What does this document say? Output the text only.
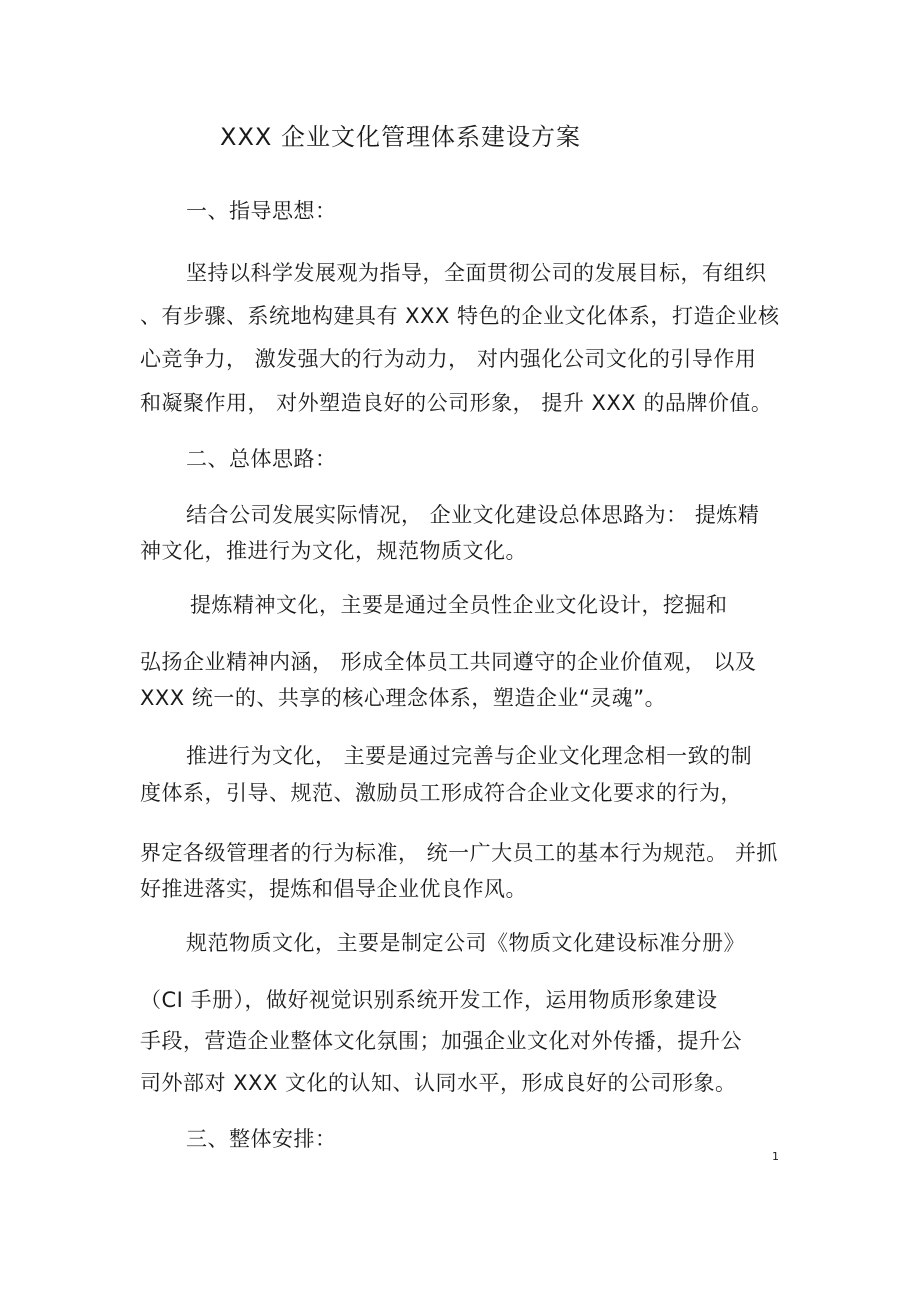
XXX 企业文化管理体系建设方案
一、指导思想：
坚持以科学发展观为指导，全面贯彻公司的发展目标，有组织
、有步骤、系统地构建具有 XXX 特色的企业文化体系，打造企业核
心竞争力， 激发强大的行为动力， 对内强化公司文化的引导作用
和凝聚作用， 对外塑造良好的公司形象， 提升 XXX 的品牌价值。
二、总体思路：
结合公司发展实际情况， 企业文化建设总体思路为： 提炼精
神文化，推进行为文化，规范物质文化。
提炼精神文化，主要是通过全员性企业文化设计，挖掘和
弘扬企业精神内涵， 形成全体员工共同遵守的企业价值观， 以及
XXX 统一的、共享的核心理念体系，塑造企业“灵魂”。
推进行为文化， 主要是通过完善与企业文化理念相一致的制
度体系，引导、规范、激励员工形成符合企业文化要求的行为，
界定各级管理者的行为标准， 统一广大员工的基本行为规范。 并抓
好推进落实，提炼和倡导企业优良作风。
规范物质文化，主要是制定公司《物质文化建设标准分册》
（CI 手册），做好视觉识别系统开发工作，运用物质形象建设
手段，营造企业整体文化氛围；加强企业文化对外传播，提升公
司外部对 XXX 文化的认知、认同水平，形成良好的公司形象。
三、整体安排：
1
